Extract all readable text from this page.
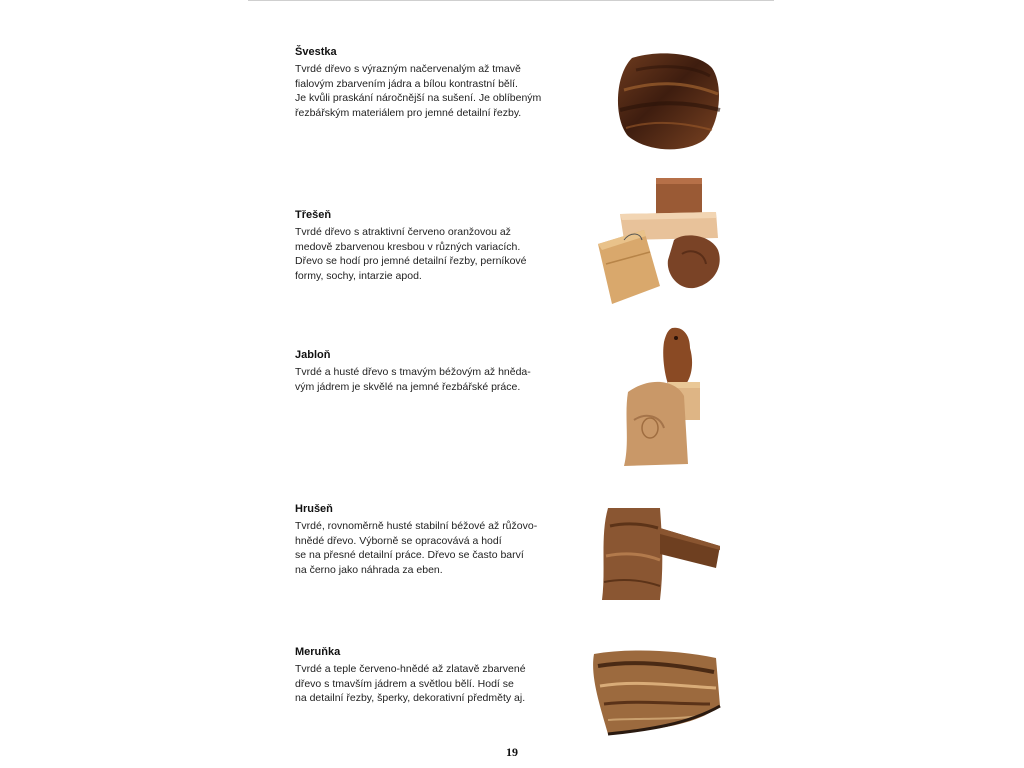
Švestka
Tvrdé dřevo s výrazným načervenalým až tmavě
fialovým zbarvením jádra a bílou kontrastní bělí.
Je kvůli praskání náročnější na sušení. Je oblíbeným
řezbářským materiálem pro jemné detailní řezby.
Třešeň
Tvrdé dřevo s atraktivní červeno oranžovou až
medově zbarvenou kresbou v různých variacích.
Dřevo se hodí pro jemné detailní řezby, perníkové
formy, sochy, intarzie apod.
Jabloň
Tvrdé a husté dřevo s tmavým béžovým až hněda-
vým jádrem je skvělé na jemné řezbářské práce.
Hrušeň
Tvrdé, rovnoměrně husté stabilní béžové až růžovo-
hnědé dřevo. Výborně se opracovává a hodí
se na přesné detailní práce. Dřevo se často barví
na černo jako náhrada za eben.
Meruňka
Tvrdé a teple červeno-hnědé až zlatavě zbarvené
dřevo s tmavším jádrem a světlou bělí. Hodí se
na detailní řezby, šperky, dekorativní předměty aj.
19
